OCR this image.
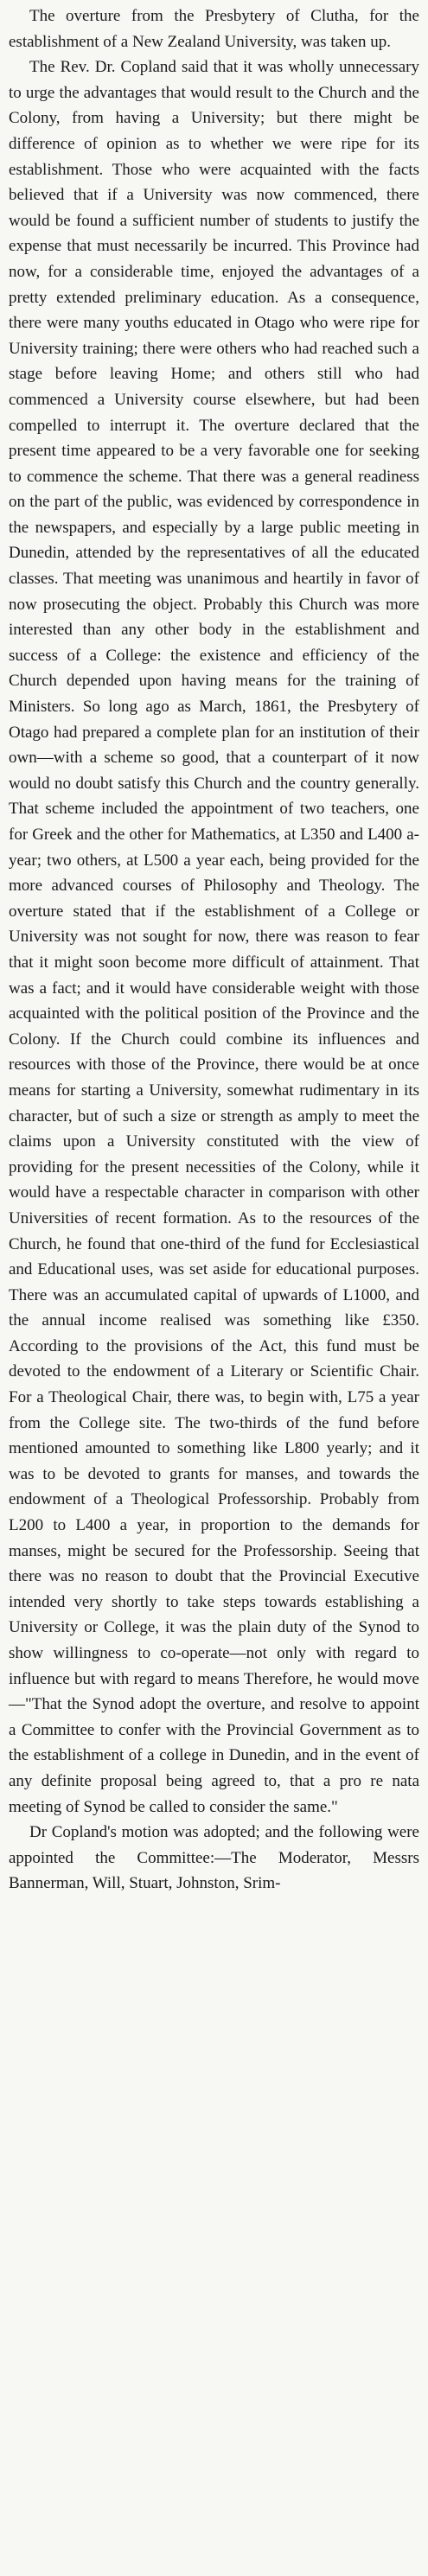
The overture from the Presbytery of Clutha, for the establishment of a New Zealand University, was taken up.

The Rev. Dr. Copland said that it was wholly unnecessary to urge the advantages that would result to the Church and the Colony, from having a University; but there might be difference of opinion as to whether we were ripe for its establishment. Those who were acquainted with the facts believed that if a University was now commenced, there would be found a sufficient number of students to justify the expense that must necessarily be incurred. This Province had now, for a considerable time, enjoyed the advantages of a pretty extended preliminary education. As a consequence, there were many youths educated in Otago who were ripe for University training; there were others who had reached such a stage before leaving Home; and others still who had commenced a University course elsewhere, but had been compelled to interrupt it. The overture declared that the present time appeared to be a very favorable one for seeking to commence the scheme. That there was a general readiness on the part of the public, was evidenced by correspondence in the newspapers, and especially by a large public meeting in Dunedin, attended by the representatives of all the educated classes. That meeting was unanimous and heartily in favor of now prosecuting the object. Probably this Church was more interested than any other body in the establishment and success of a College: the existence and efficiency of the Church depended upon having means for the training of Ministers. So long ago as March, 1861, the Presbytery of Otago had prepared a complete plan for an institution of their own—with a scheme so good, that a counterpart of it now would no doubt satisfy this Church and the country generally. That scheme included the appointment of two teachers, one for Greek and the other for Mathematics, at L350 and L400 a-year; two others, at L500 a year each, being provided for the more advanced courses of Philosophy and Theology. The overture stated that if the establishment of a College or University was not sought for now, there was reason to fear that it might soon become more difficult of attainment. That was a fact; and it would have considerable weight with those acquainted with the political position of the Province and the Colony. If the Church could combine its influences and resources with those of the Province, there would be at once means for starting a University, somewhat rudimentary in its character, but of such a size or strength as amply to meet the claims upon a University constituted with the view of providing for the present necessities of the Colony, while it would have a respectable character in comparison with other Universities of recent formation. As to the resources of the Church, he found that one-third of the fund for Ecclesiastical and Educational uses, was set aside for educational purposes. There was an accumulated capital of upwards of L1000, and the annual income realised was something like £350. According to the provisions of the Act, this fund must be devoted to the endowment of a Literary or Scientific Chair. For a Theological Chair, there was, to begin with, L75 a year from the College site. The two-thirds of the fund before mentioned amounted to something like L800 yearly; and it was to be devoted to grants for manses, and towards the endowment of a Theological Professorship. Probably from L200 to L400 a year, in proportion to the demands for manses, might be secured for the Professorship. Seeing that there was no reason to doubt that the Provincial Executive intended very shortly to take steps towards establishing a University or College, it was the plain duty of the Synod to show willingness to co-operate—not only with regard to influence but with regard to means Therefore, he would move—"That the Synod adopt the overture, and resolve to appoint a Committee to confer with the Provincial Government as to the establishment of a college in Dunedin, and in the event of any definite proposal being agreed to, that a pro re nata meeting of Synod be called to consider the same."

Dr Copland's motion was adopted; and the following were appointed the Committee:—The Moderator, Messrs Bannerman, Will, Stuart, Johnston, Srim-
